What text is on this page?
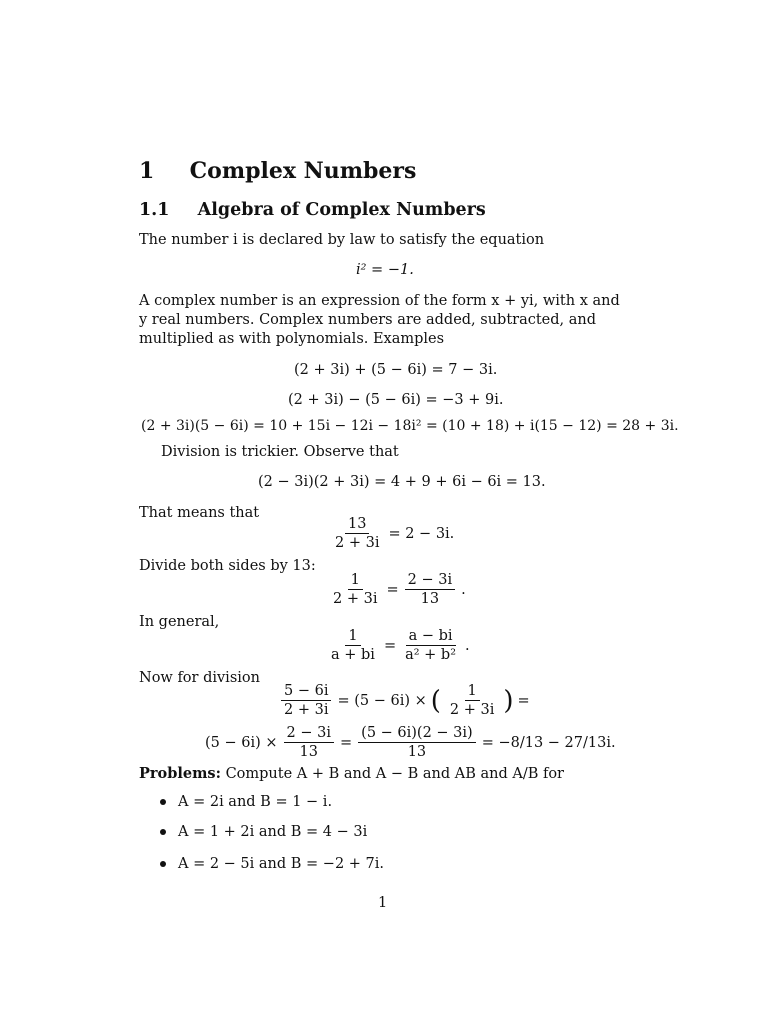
1 Complex Numbers
1.1 Algebra of Complex Numbers
The number i is declared by law to satisfy the equation
i² = −1.
A complex number is an expression of the form x + yi, with x and y real numbers. Complex numbers are added, subtracted, and multiplied as with polynomials. Examples
(2 + 3i) + (5 − 6i) = 7 − 3i.
(2 + 3i) − (5 − 6i) = −3 + 9i.
(2 + 3i)(5 − 6i) = 10 + 15i − 12i − 18i² = (10 + 18) + i(15 − 12) = 28 + 3i.
Division is trickier. Observe that
(2 − 3i)(2 + 3i) = 4 + 9 + 6i − 6i = 13.
That means that
$\frac{13}{2 + 3i} = 2 - 3i$.
Divide both sides by 13:
$\frac{1}{2 + 3i} = \frac{2 - 3i}{13}$ .
In general,
$\frac{1}{a + bi} = \frac{a - bi}{\text{a² + b²}}$ .
Now for division
$\frac{5 - 6i}{2 + 3i} = (5 - 6i)$ × ( $\frac{1}{2 + 3i}$ ) =
$(5 - 6i) \times \frac{2 - 3i}{13} = \frac{(5 - 6i)(2 - 3i)}{13} = -8/13 - 27/13i$.
Problems: Compute A + B and A − B and AB and A/B for
A = 2i and B = 1 − i.
A = 1 + 2i and B = 4 − 3i
A = 2 − 5i and B = −2 + 7i.
1
